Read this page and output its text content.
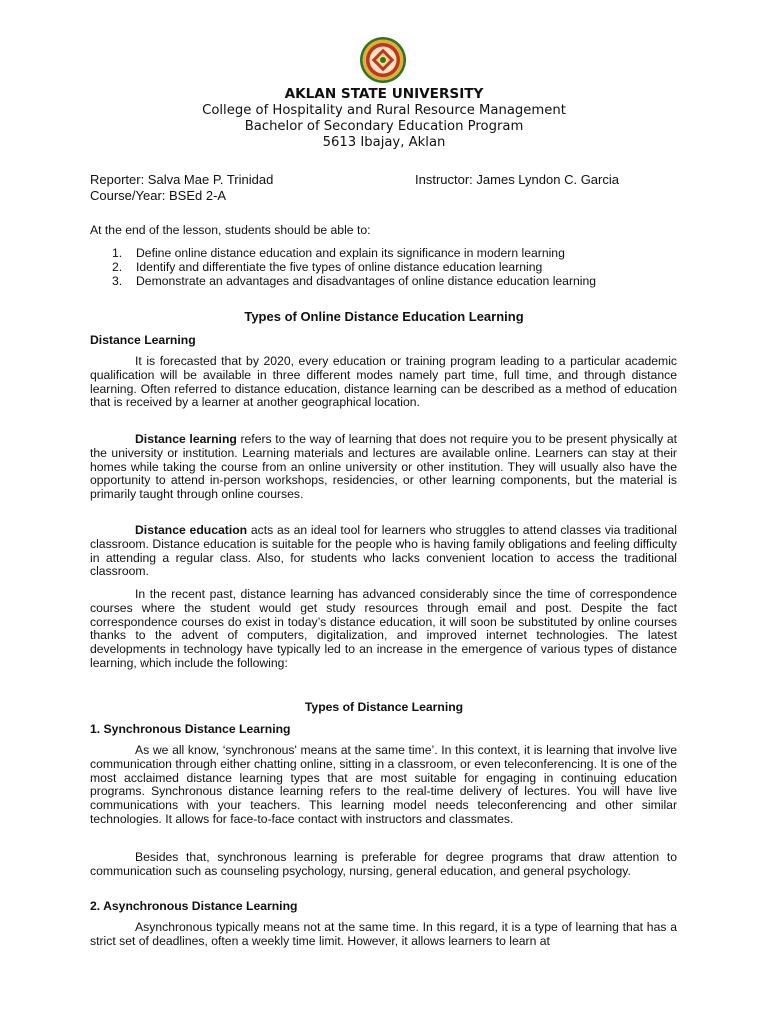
AKLAN STATE UNIVERSITY
College of Hospitality and Rural Resource Management
Bachelor of Secondary Education Program
5613 Ibajay, Aklan
Reporter: Salva Mae P. Trinidad
Course/Year: BSEd 2-A
Instructor: James Lyndon C. Garcia
At the end of the lesson, students should be able to:
1. Define online distance education and explain its significance in modern learning
2. Identify and differentiate the five types of online distance education learning
3. Demonstrate an advantages and disadvantages of online distance education learning
Types of Online Distance Education Learning
Distance Learning
It is forecasted that by 2020, every education or training program leading to a particular academic qualification will be available in three different modes namely part time, full time, and through distance learning. Often referred to distance education, distance learning can be described as a method of education that is received by a learner at another geographical location.
Distance learning refers to the way of learning that does not require you to be present physically at the university or institution. Learning materials and lectures are available online. Learners can stay at their homes while taking the course from an online university or other institution. They will usually also have the opportunity to attend in-person workshops, residencies, or other learning components, but the material is primarily taught through online courses.
Distance education acts as an ideal tool for learners who struggles to attend classes via traditional classroom. Distance education is suitable for the people who is having family obligations and feeling difficulty in attending a regular class. Also, for students who lacks convenient location to access the traditional classroom.
In the recent past, distance learning has advanced considerably since the time of correspondence courses where the student would get study resources through email and post. Despite the fact correspondence courses do exist in today’s distance education, it will soon be substituted by online courses thanks to the advent of computers, digitalization, and improved internet technologies. The latest developments in technology have typically led to an increase in the emergence of various types of distance learning, which include the following:
Types of Distance Learning
1. Synchronous Distance Learning
As we all know, ‘synchronous' means at the same time’. In this context, it is learning that involve live communication through either chatting online, sitting in a classroom, or even teleconferencing. It is one of the most acclaimed distance learning types that are most suitable for engaging in continuing education programs. Synchronous distance learning refers to the real-time delivery of lectures. You will have live communications with your teachers. This learning model needs teleconferencing and other similar technologies. It allows for face-to-face contact with instructors and classmates.
Besides that, synchronous learning is preferable for degree programs that draw attention to communication such as counseling psychology, nursing, general education, and general psychology.
2. Asynchronous Distance Learning
Asynchronous typically means not at the same time. In this regard, it is a type of learning that has a strict set of deadlines, often a weekly time limit. However, it allows learners to learn at
